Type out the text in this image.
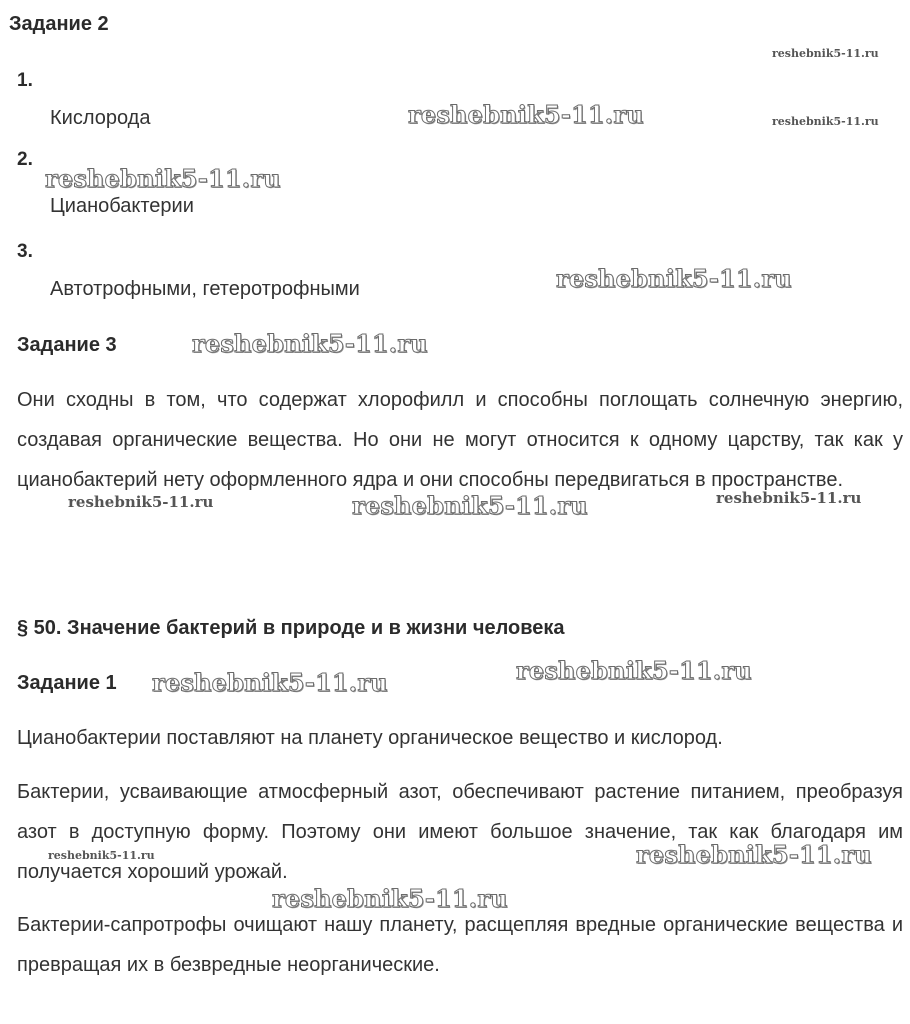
Задание 2
1.
Кислорода
2.
Цианобактерии
3.
Автотрофными, гетеротрофными
Задание 3
Они сходны в том, что содержат хлорофилл и способны поглощать солнечную энергию, создавая органические вещества. Но они не могут относится к одному царству, так как у цианобактерий нету оформленного ядра и они способны передвигаться в пространстве.
§ 50. Значение бактерий в природе и в жизни человека
Задание 1
Цианобактерии поставляют на планету органическое вещество и кислород.
Бактерии, усваивающие атмосферный азот, обеспечивают растение питанием, преобразуя азот в доступную форму. Поэтому они имеют большое значение, так как благодаря им получается хороший урожай.
Бактерии-сапротрофы очищают нашу планету, расщепляя вредные органические вещества и превращая их в безвредные неорганические.
reshebnik5-11.ru
reshebnik5-11.ru	reshebnik5-11.ru
reshebnik5-11.ru
reshebnik5-11.ru
reshebnik5-11.ru
reshebnik5-11.ru	reshebnik5-11.ru	reshebnik5-11.ru
reshebnik5-11.ru
reshebnik5-11.ru
reshebnik5-11.ru	reshebnik5-11.ru
reshebnik5-11.ru
